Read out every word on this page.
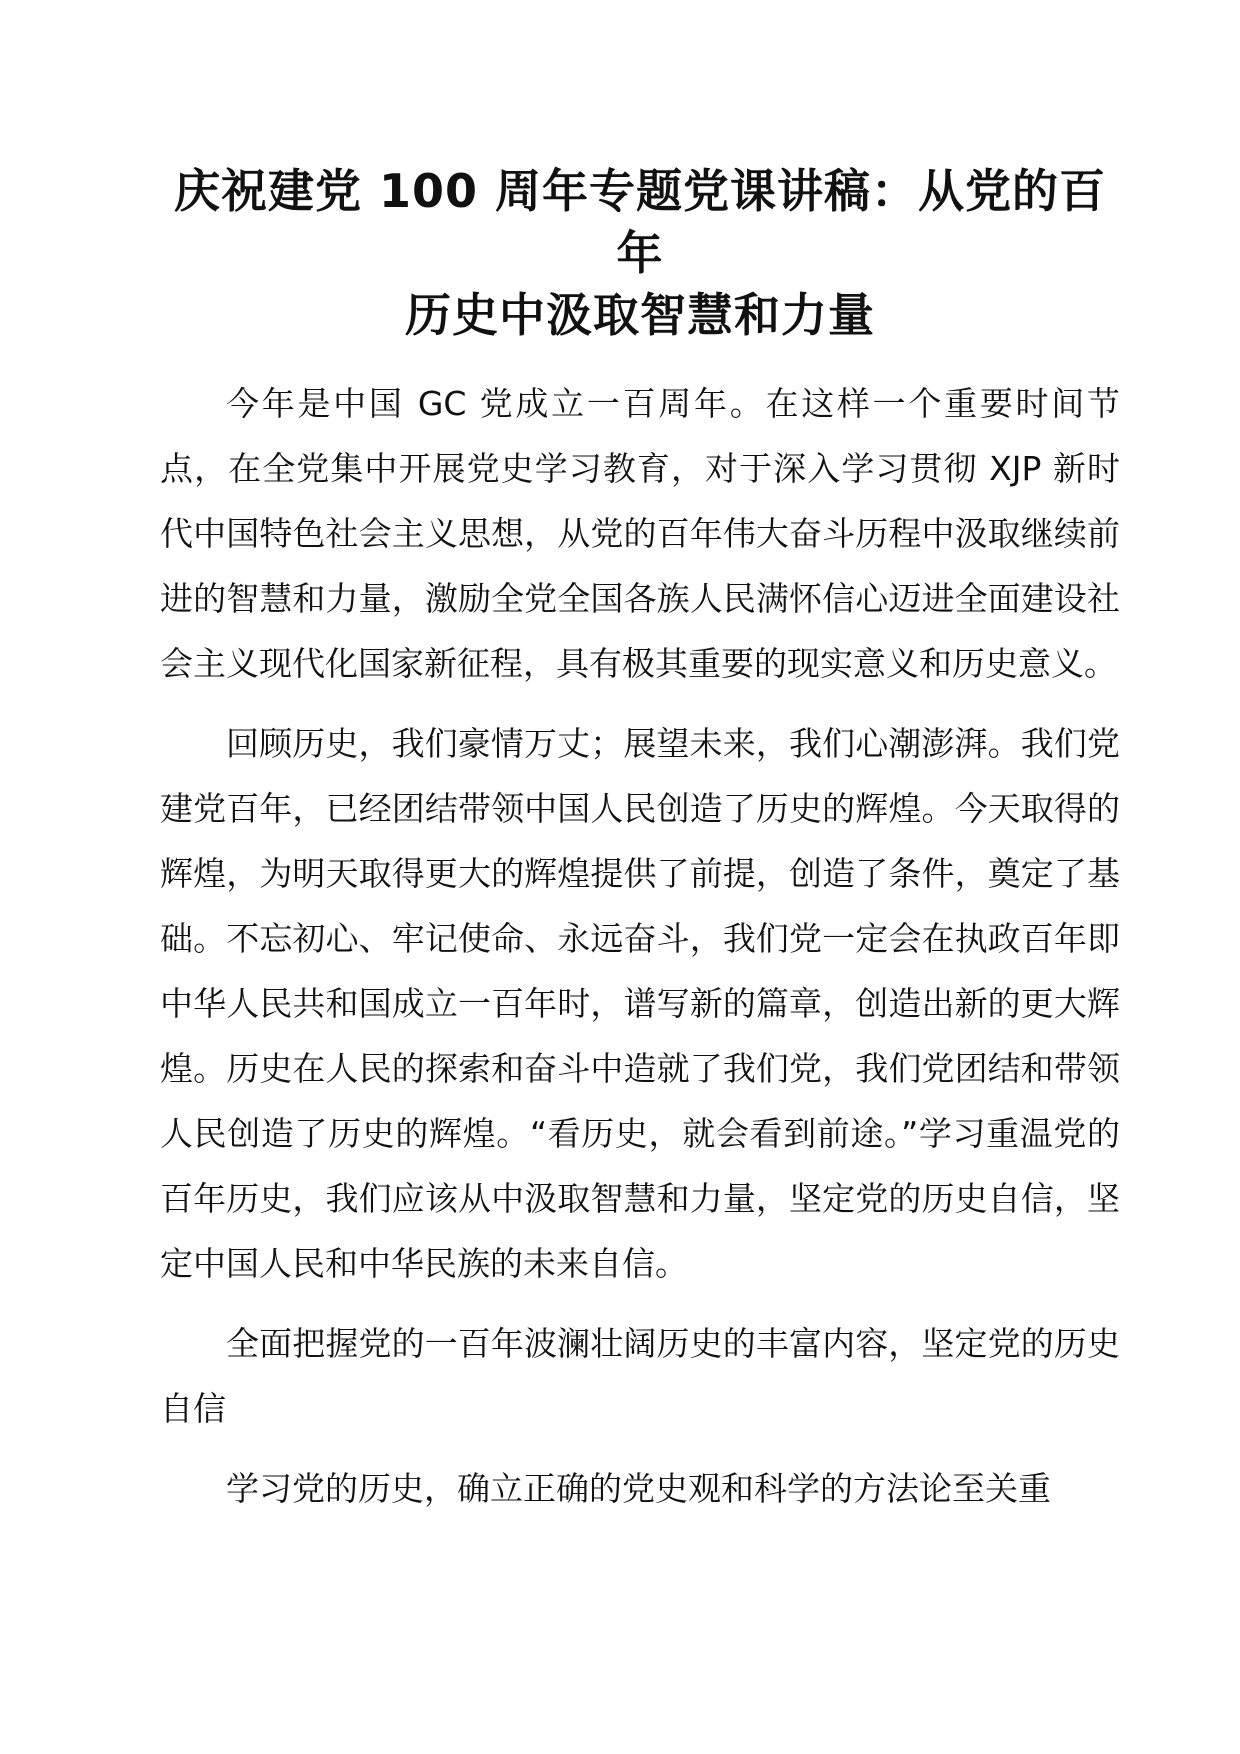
庆祝建党 100 周年专题党课讲稿：从党的百年
历史中汲取智慧和力量

今年是中国 GC 党成立一百周年。在这样一个重要时间节点，在全党集中开展党史学习教育，对于深入学习贯彻 XJP 新时代中国特色社会主义思想，从党的百年伟大奋斗历程中汲取继续前进的智慧和力量，激励全党全国各族人民满怀信心迈进全面建设社会主义现代化国家新征程，具有极其重要的现实意义和历史意义。

回顾历史，我们豪情万丈；展望未来，我们心潮澎湃。我们党建党百年，已经团结带领中国人民创造了历史的辉煌。今天取得的辉煌，为明天取得更大的辉煌提供了前提，创造了条件，奠定了基础。不忘初心、牢记使命、永远奋斗，我们党一定会在执政百年即中华人民共和国成立一百年时，谱写新的篇章，创造出新的更大辉煌。历史在人民的探索和奋斗中造就了我们党，我们党团结和带领人民创造了历史的辉煌。“看历史，就会看到前途。”学习重温党的百年历史，我们应该从中汲取智慧和力量，坚定党的历史自信，坚定中国人民和中华民族的未来自信。

全面把握党的一百年波澜壮阔历史的丰富内容，坚定党的历史自信

学习党的历史，确立正确的党史观和科学的方法论至关重
